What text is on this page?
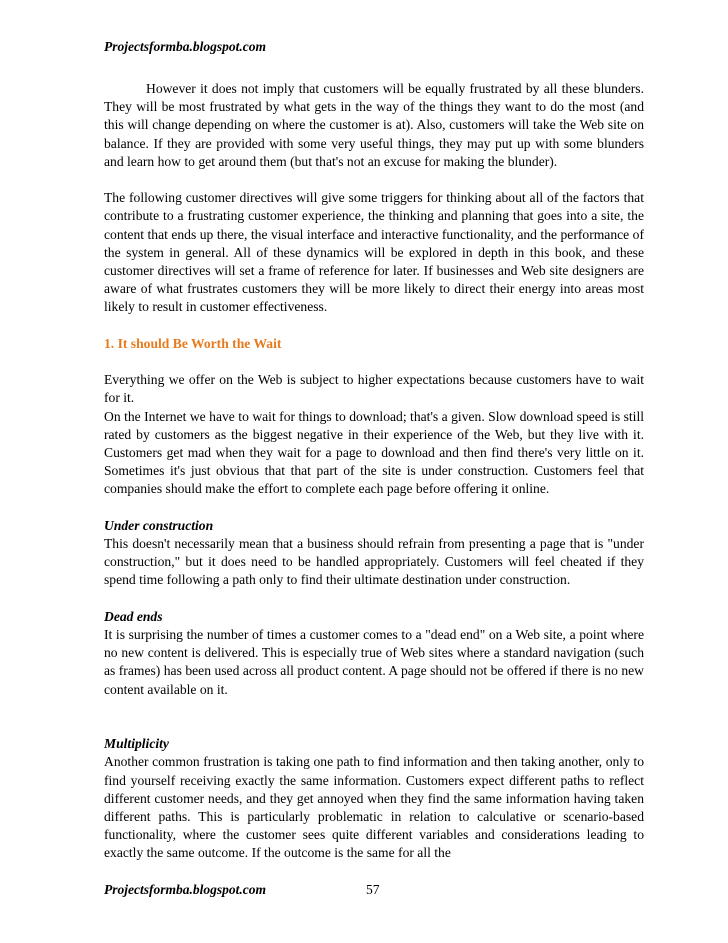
Projectsformba.blogspot.com

However it does not imply that customers will be equally frustrated by all these blunders. They will be most frustrated by what gets in the way of the things they want to do the most (and this will change depending on where the customer is at). Also, customers will take the Web site on balance. If they are provided with some very useful things, they may put up with some blunders and learn how to get around them (but that's not an excuse for making the blunder).

The following customer directives will give some triggers for thinking about all of the factors that contribute to a frustrating customer experience, the thinking and planning that goes into a site, the content that ends up there, the visual interface and interactive functionality, and the performance of the system in general. All of these dynamics will be explored in depth in this book, and these customer directives will set a frame of reference for later. If businesses and Web site designers are aware of what frustrates customers they will be more likely to direct their energy into areas most likely to result in customer effectiveness.

1. It should Be Worth the Wait

Everything we offer on the Web is subject to higher expectations because customers have to wait for it.

On the Internet we have to wait for things to download; that's a given. Slow download speed is still rated by customers as the biggest negative in their experience of the Web, but they live with it. Customers get mad when they wait for a page to download and then find there's very little on it. Sometimes it's just obvious that that part of the site is under construction. Customers feel that companies should make the effort to complete each page before offering it online.

Under construction

This doesn't necessarily mean that a business should refrain from presenting a page that is "under construction," but it does need to be handled appropriately. Customers will feel cheated if they spend time following a path only to find their ultimate destination under construction.

Dead ends

It is surprising the number of times a customer comes to a "dead end" on a Web site, a point where no new content is delivered. This is especially true of Web sites where a standard navigation (such as frames) has been used across all product content. A page should not be offered if there is no new content available on it.

Multiplicity

Another common frustration is taking one path to find information and then taking another, only to find yourself receiving exactly the same information. Customers expect different paths to reflect different customer needs, and they get annoyed when they find the same information having taken different paths. This is particularly problematic in relation to calculative or scenario-based functionality, where the customer sees quite different variables and considerations leading to exactly the same outcome. If the outcome is the same for all the

Projectsformba.blogspot.com	57
